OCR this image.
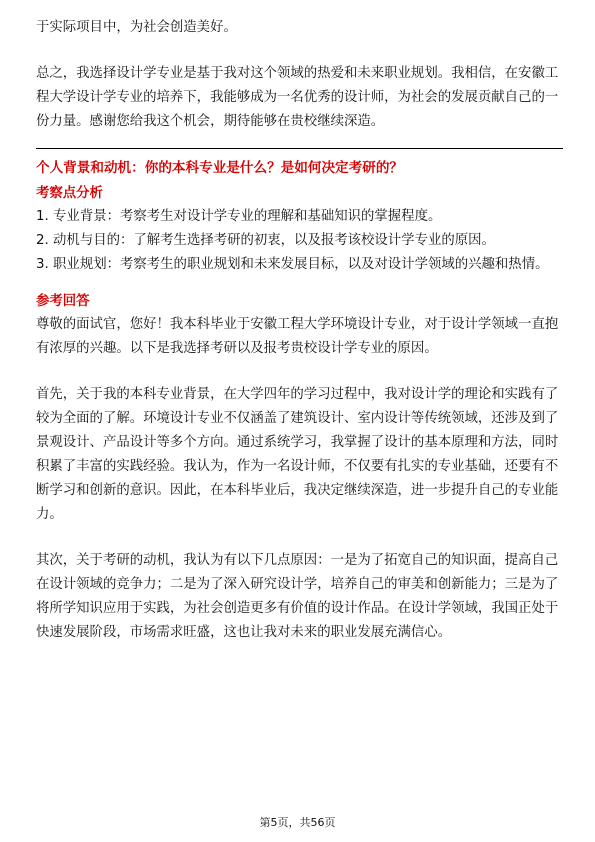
于实际项目中，为社会创造美好。

总之，我选择设计学专业是基于我对这个领域的热爱和未来职业规划。我相信，在安徽工程大学设计学专业的培养下，我能够成为一名优秀的设计师，为社会的发展贡献自己的一份力量。感谢您给我这个机会，期待能够在贵校继续深造。

个人背景和动机：你的本科专业是什么？是如何决定考研的？
考察点分析

1. 专业背景：考察考生对设计学专业的理解和基础知识的掌握程度。

2. 动机与目的：了解考生选择考研的初衷，以及报考该校设计学专业的原因。

3. 职业规划：考察考生的职业规划和未来发展目标，以及对设计学领域的兴趣和热情。

参考回答

尊敬的面试官，您好！我本科毕业于安徽工程大学环境设计专业，对于设计学领域一直抱有浓厚的兴趣。以下是我选择考研以及报考贵校设计学专业的原因。

首先，关于我的本科专业背景，在大学四年的学习过程中，我对设计学的理论和实践有了较为全面的了解。环境设计专业不仅涵盖了建筑设计、室内设计等传统领域，还涉及到了景观设计、产品设计等多个方向。通过系统学习，我掌握了设计的基本原理和方法，同时积累了丰富的实践经验。我认为，作为一名设计师，不仅要有扎实的专业基础，还要有不断学习和创新的意识。因此，在本科毕业后，我决定继续深造，进一步提升自己的专业能力。

其次，关于考研的动机，我认为有以下几点原因：一是为了拓宽自己的知识面，提高自己在设计领域的竞争力；二是为了深入研究设计学，培养自己的审美和创新能力；三是为了将所学知识应用于实践，为社会创造更多有价值的设计作品。在设计学领域，我国正处于快速发展阶段，市场需求旺盛，这也让我对未来的职业发展充满信心。

第5页，共56页
